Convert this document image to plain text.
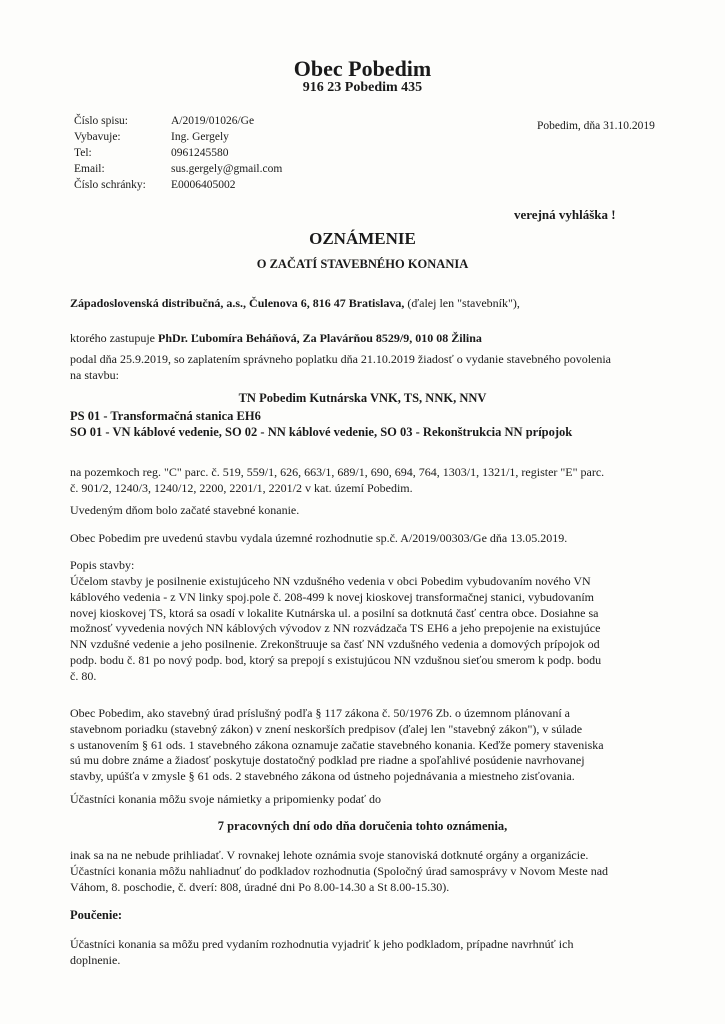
Obec Pobedim
916 23 Pobedim 435
Číslo spisu:
Vybavuje:
Tel:
Email:
Číslo schránky:
A/2019/01026/Ge
Ing. Gergely
0961245580
sus.gergely@gmail.com
E0006405002
Pobedim, dňa 31.10.2019
verejná vyhláška !
OZNÁMENIE
O ZAČATÍ STAVEBNÉHO KONANIA
Západoslovenská distribučná, a.s., Čulenova 6, 816 47 Bratislava, (ďalej len "stavebník"),
ktorého zastupuje PhDr. Ľubomíra Beháňová, Za Plavárňou 8529/9, 010 08 Žilina
podal dňa 25.9.2019, so zaplatením správneho poplatku dňa 21.10.2019 žiadosť o vydanie stavebného povolenia
na stavbu:
TN Pobedim Kutnárska VNK, TS, NNK, NNV
PS 01 - Transformačná stanica EH6
SO 01 - VN káblové vedenie, SO 02 - NN káblové vedenie, SO 03 - Rekonštrukcia NN prípojok
na pozemkoch reg. "C" parc. č. 519, 559/1, 626, 663/1, 689/1, 690, 694, 764, 1303/1, 1321/1, register "E" parc.
č. 901/2, 1240/3, 1240/12, 2200, 2201/1, 2201/2 v kat. území Pobedim.
Uvedeným dňom bolo začaté stavebné konanie.
Obec Pobedim pre uvedenú stavbu vydala územné rozhodnutie sp.č. A/2019/00303/Ge dňa 13.05.2019.
Popis stavby:
Účelom stavby je posilnenie existujúceho NN vzdušného vedenia v obci Pobedim vybudovaním nového VN
káblového vedenia - z VN linky spoj.pole č. 208-499 k novej kioskovej transformačnej stanici, vybudovaním
novej kioskovej TS, ktorá sa osadí v lokalite Kutnárska ul. a posilní sa dotknutá časť centra obce. Dosiahne sa
možnosť vyvedenia nových NN káblových vývodov z NN rozvádzača TS EH6 a jeho prepojenie na existujúce
NN vzdušné vedenie a jeho posilnenie. Zrekonštruuje sa časť NN vzdušného vedenia a domových prípojok od
podp. bodu č. 81 po nový podp. bod, ktorý sa prepojí s existujúcou NN vzdušnou sieťou smerom k podp. bodu
č. 80.
Obec Pobedim, ako stavebný úrad príslušný podľa § 117 zákona č. 50/1976 Zb. o územnom plánovaní a
stavebnom poriadku (stavebný zákon) v znení neskorších predpisov (ďalej len "stavebný zákon"), v súlade
s ustanovením § 61 ods. 1 stavebného zákona oznamuje začatie stavebného konania. Keďže pomery staveniska
sú mu dobre známe a žiadosť poskytuje dostatočný podklad pre riadne a spoľahlivé posúdenie navrhovanej
stavby, upúšťa v zmysle § 61 ods. 2 stavebného zákona od ústneho pojednávania a miestneho zisťovania.
Účastníci konania môžu svoje námietky a pripomienky podať do
7 pracovných dní odo dňa doručenia tohto oznámenia,
inak sa na ne nebude prihliadať. V rovnakej lehote oznámia svoje stanoviská dotknuté orgány a organizácie.
Účastníci konania môžu nahliadnuť do podkladov rozhodnutia (Spoločný úrad samosprávy v Novom Meste nad
Váhom, 8. poschodie, č. dverí: 808, úradné dni Po 8.00-14.30 a St 8.00-15.30).
Poučenie:
Účastníci konania sa môžu pred vydaním rozhodnutia vyjadriť k jeho podkladom, prípadne navrhnúť ich
doplnenie.
